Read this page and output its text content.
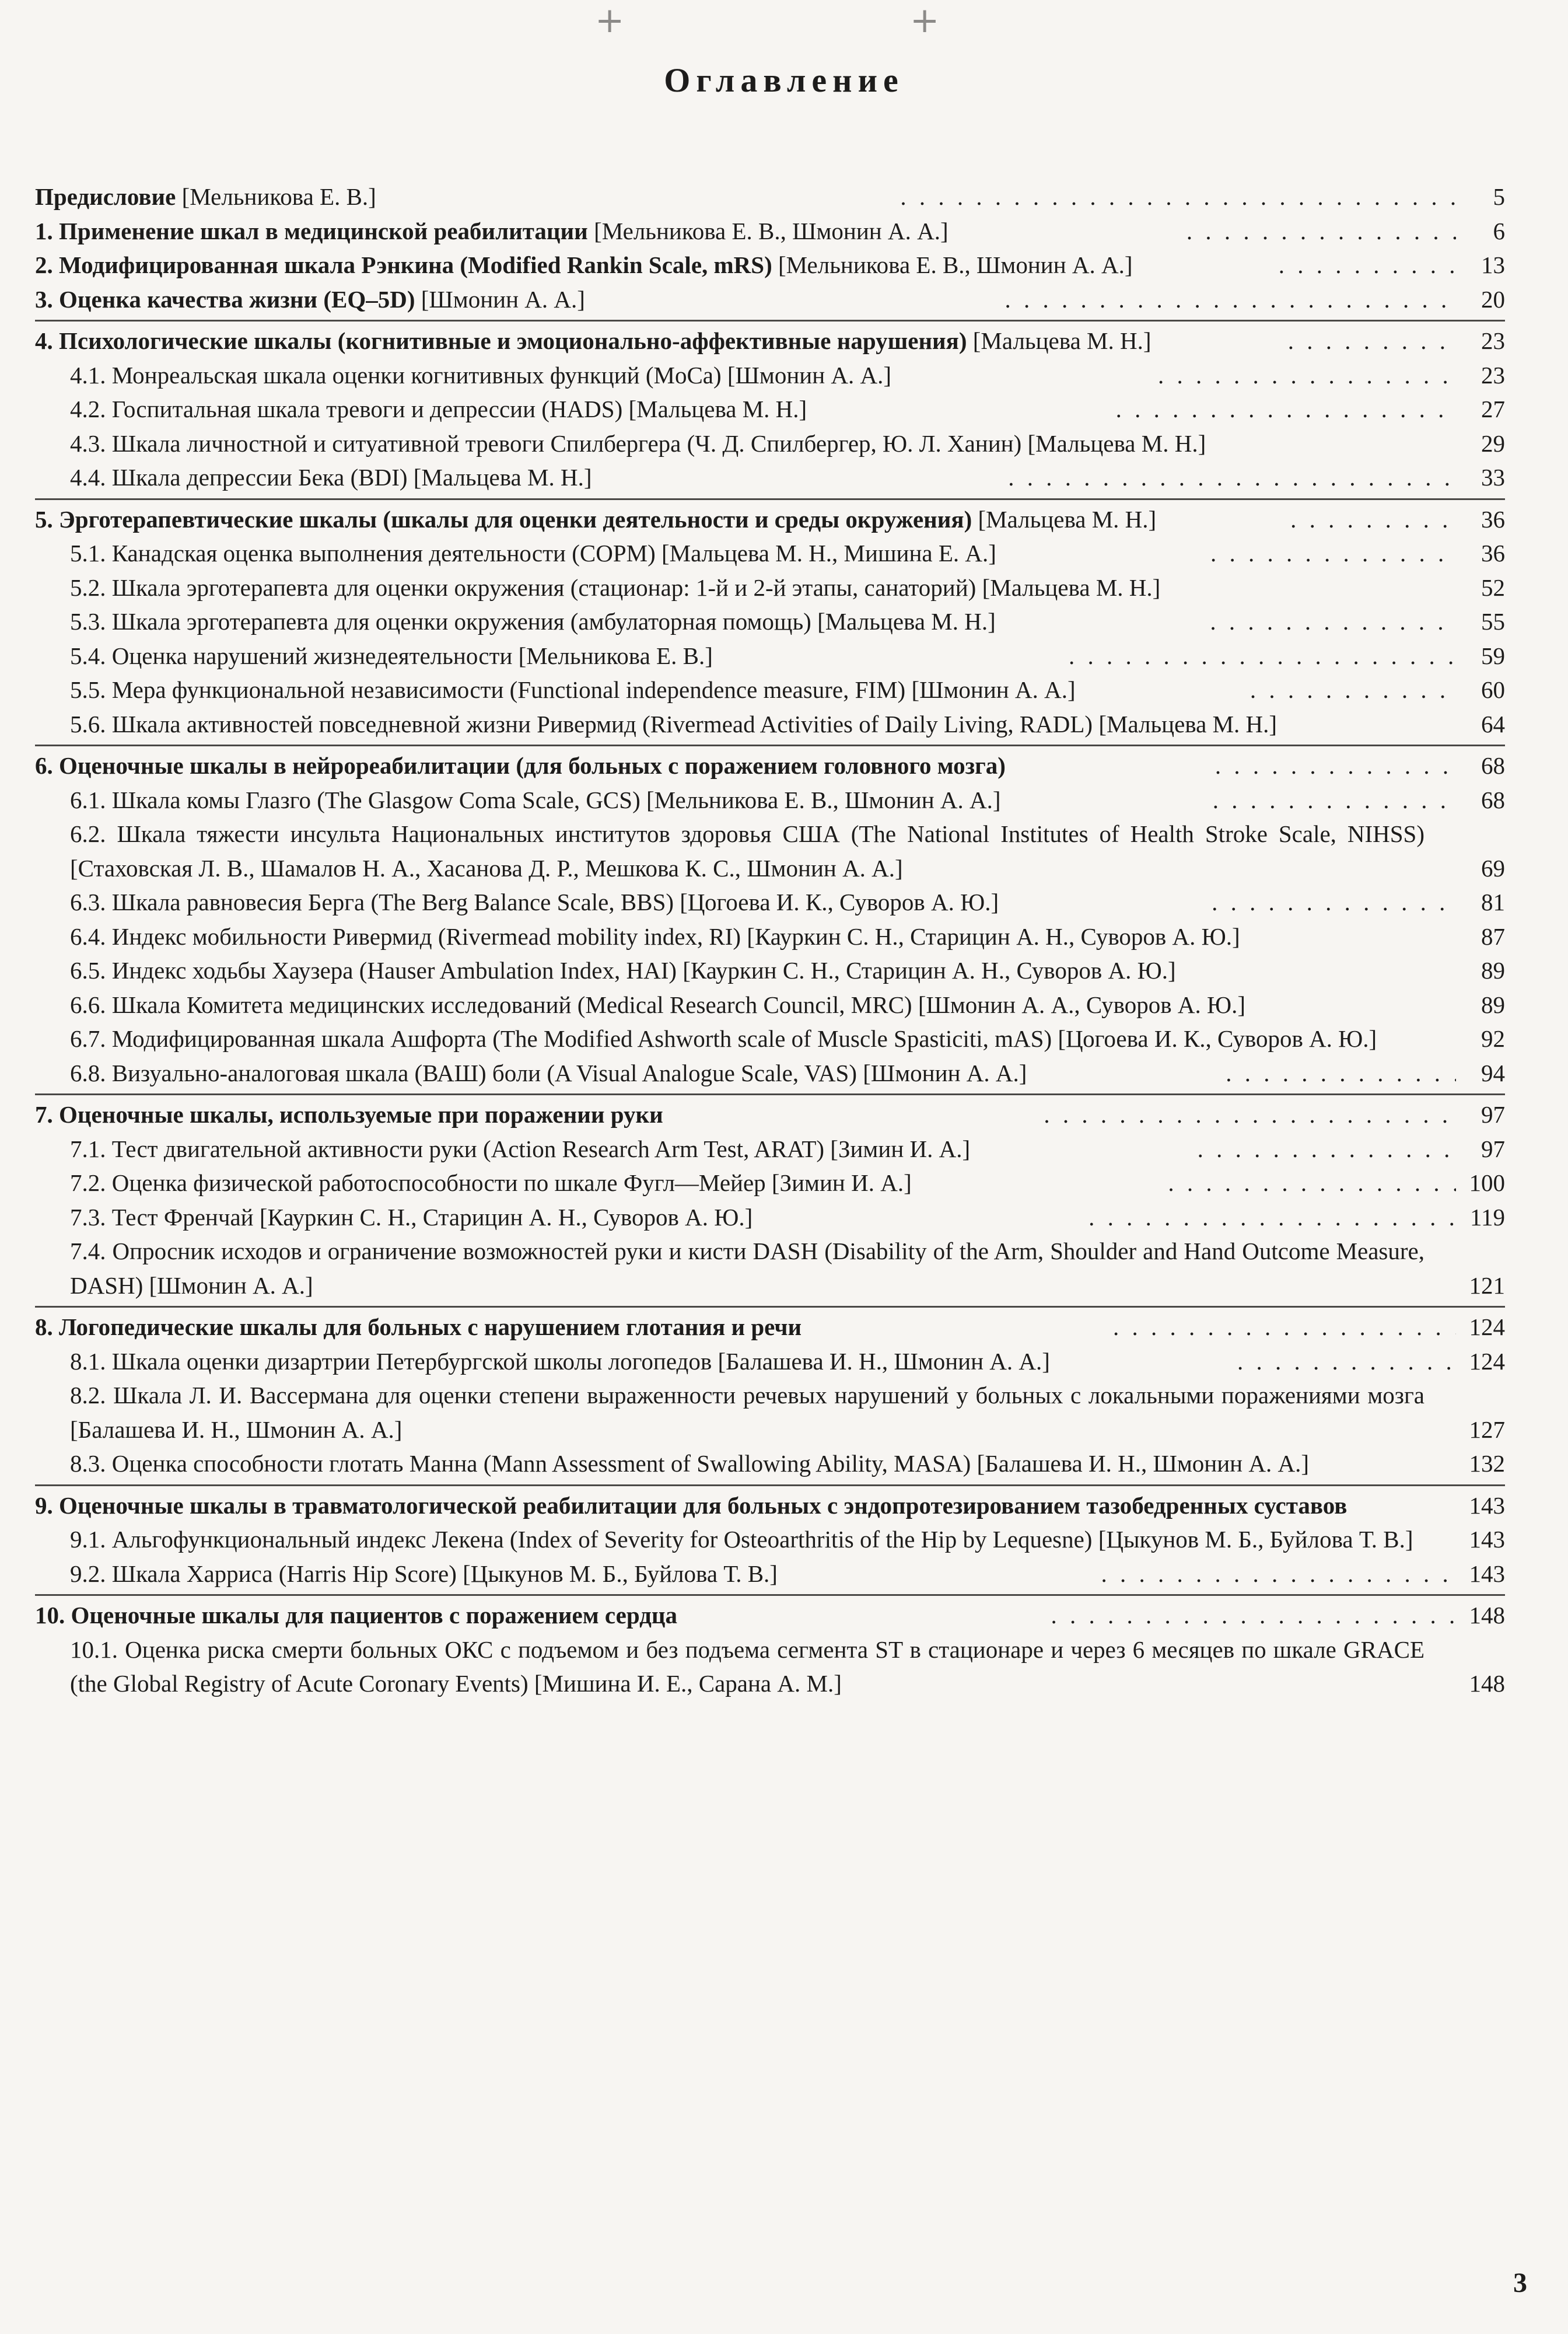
+	+
Оглавление
Предисловие [Мельникова Е. В.] . . .	5
1. Применение шкал в медицинской реабилитации [Мельникова Е. В., Шмонин А. А.] . . .	6
2. Модифицированная шкала Рэнкина (Modified Rankin Scale, mRS) [Мельникова Е. В., Шмонин А. А.] . . .	13
3. Оценка качества жизни (EQ–5D) [Шмонин А. А.] . . .	20
4. Психологические шкалы (когнитивные и эмоционально-аффективные нарушения) [Мальцева М. Н.] . . .	23
4.1. Монреальская шкала оценки когнитивных функций (MoCa) [Шмонин А. А.] . . .	23
4.2. Госпитальная шкала тревоги и депрессии (HADS) [Мальцева М. Н.] . . .	27
4.3. Шкала личностной и ситуативной тревоги Спилбергера (Ч. Д. Спилбергер, Ю. Л. Ханин) [Мальцева М. Н.]	29
4.4. Шкала депрессии Бека (BDI) [Мальцева М. Н.] . . .	33
5. Эрготерапевтические шкалы (шкалы для оценки деятельности и среды окружения) [Мальцева М. Н.] . . .	36
5.1. Канадская оценка выполнения деятельности (COPM) [Мальцева М. Н., Мишина Е. А.] . . .	36
5.2. Шкала эрготерапевта для оценки окружения (стационар: 1-й и 2-й этапы, санаторий) [Мальцева М. Н.]	52
5.3. Шкала эрготерапевта для оценки окружения (амбулаторная помощь) [Мальцева М. Н.] . . .	55
5.4. Оценка нарушений жизнедеятельности [Мельникова Е. В.] . . .	59
5.5. Мера функциональной независимости (Functional independence measure, FIM) [Шмонин А. А.] . . .	60
5.6. Шкала активностей повседневной жизни Ривермид (Rivermead Activities of Daily Living, RADL) [Мальцева М. Н.]	64
6. Оценочные шкалы в нейрореабилитации (для больных с поражением головного мозга) . . .	68
6.1. Шкала комы Глазго (The Glasgow Coma Scale, GCS) [Мельникова Е. В., Шмонин А. А.] . . .	68
6.2. Шкала тяжести инсульта Национальных институтов здоровья США (The National Institutes of Health Stroke Scale, NIHSS) [Стаховская Л. В., Шамалов Н. А., Хасанова Д. Р., Мешкова К. С., Шмонин А. А.]	69
6.3. Шкала равновесия Берга (The Berg Balance Scale, BBS) [Цогоева И. К., Суворов А. Ю.] . . .	81
6.4. Индекс мобильности Ривермид (Rivermead mobility index, RI) [Кауркин С. Н., Старицин А. Н., Суворов А. Ю.]	87
6.5. Индекс ходьбы Хаузера (Hauser Ambulation Index, HAI) [Кауркин С. Н., Старицин А. Н., Суворов А. Ю.]	89
6.6. Шкала Комитета медицинских исследований (Medical Research Council, MRC) [Шмонин А. А., Суворов А. Ю.]	89
6.7. Модифицированная шкала Ашфорта (The Modified Ashworth scale of Muscle Spasticiti, mAS) [Цогоева И. К., Суворов А. Ю.]	92
6.8. Визуально-аналоговая шкала (ВАШ) боли (A Visual Analogue Scale, VAS) [Шмонин А. А.] . . .	94
7. Оценочные шкалы, используемые при поражении руки . . .	97
7.1. Тест двигательной активности руки (Action Research Arm Test, ARAT) [Зимин И. А.] . . .	97
7.2. Оценка физической работоспособности по шкале Фугл—Мейер [Зимин И. А.] . . .	100
7.3. Тест Френчай [Кауркин С. Н., Старицин А. Н., Суворов А. Ю.] . . .	119
7.4. Опросник исходов и ограничение возможностей руки и кисти DASH (Disability of the Arm, Shoulder and Hand Outcome Measure, DASH) [Шмонин А. А.]	121
8. Логопедические шкалы для больных с нарушением глотания и речи . . .	124
8.1. Шкала оценки дизартрии Петербургской школы логопедов [Балашева И. Н., Шмонин А. А.] . . .	124
8.2. Шкала Л. И. Вассермана для оценки степени выраженности речевых нарушений у больных с локальными поражениями мозга [Балашева И. Н., Шмонин А. А.]	127
8.3. Оценка способности глотать Манна (Mann Assessment of Swallowing Ability, MASA) [Балашева И. Н., Шмонин А. А.]	132
9. Оценочные шкалы в травматологической реабилитации для больных с эндопротезированием тазобедренных суставов	143
9.1. Альгофункциональный индекс Лекена (Index of Severity for Osteoarthritis of the Hip by Lequesne) [Цыкунов М. Б., Буйлова Т. В.]	143
9.2. Шкала Харриса (Harris Hip Score) [Цыкунов М. Б., Буйлова Т. В.] . . .	143
10. Оценочные шкалы для пациентов с поражением сердца . . .	148
10.1. Оценка риска смерти больных ОКС с подъемом и без подъема сегмента ST в стационаре и через 6 месяцев по шкале GRACE (the Global Registry of Acute Coronary Events) [Мишина И. Е., Сарана А. М.]	148
3
